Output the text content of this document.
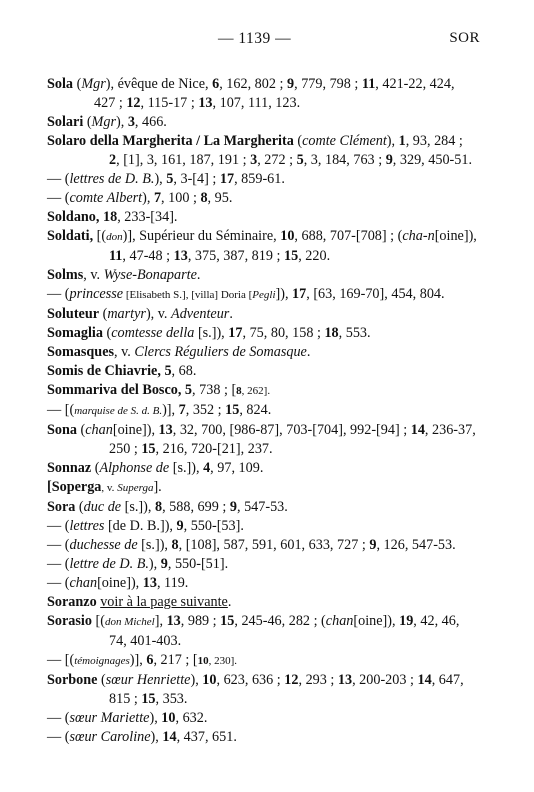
— 1139 —	SOR

Sola (Mgr), évêque de Nice, 6, 162, 802 ; 9, 779, 798 ; 11, 421-22, 424, 427 ; 12, 115-17 ; 13, 107, 111, 123.

Solari (Mgr), 3, 466.

Solaro della Margherita / La Margherita (comte Clément), 1, 93, 284 ; 2, [1], 3, 161, 187, 191 ; 3, 272 ; 5, 3, 184, 763 ; 9, 329, 450-51.

— (lettres de D. B.), 5, 3-[4] ; 17, 859-61.

— (comte Albert), 7, 100 ; 8, 95.

Soldano, 18, 233-[34].

Soldati, [(don)], Supérieur du Séminaire, 10, 688, 707-[708] ; (cha-n[oine]), 11, 47-48 ; 13, 375, 387, 819 ; 15, 220.

Solms, v. Wyse-Bonaparte.

— (princesse [Elisabeth S.], [villa] Doria [Pegli]), 17, [63, 169-70], 454, 804.

Soluteur (martyr), v. Adventeur.

Somaglia (comtesse della [s.]), 17, 75, 80, 158 ; 18, 553.

Somasques, v. Clercs Réguliers de Somasque.

Somis de Chiavrie, 5, 68.

Sommariva del Bosco, 5, 738 ; [8, 262].

— [(marquise de S. d. B.)], 7, 352 ; 15, 824.

Sona (chan[oine]), 13, 32, 700, [986-87], 703-[704], 992-[94] ; 14, 236-37, 250 ; 15, 216, 720-[21], 237.

Sonnaz (Alphonse de [s.]), 4, 97, 109.

[Soperga, v. Superga].

Sora (duc de [s.]), 8, 588, 699 ; 9, 547-53.

— (lettres [de D. B.]), 9, 550-[53].

— (duchesse de [s.]), 8, [108], 587, 591, 601, 633, 727 ; 9, 126, 547-53.

— (lettre de D. B.), 9, 550-[51].

— (chan[oine]), 13, 119.

Soranzo voir à la page suivante.

Sorasio [(don Michel], 13, 989 ; 15, 245-46, 282 ; (chan[oine]), 19, 42, 46, 74, 401-403.

— [(témoignages)], 6, 217 ; [10, 230].

Sorbone (sœur Henriette), 10, 623, 636 ; 12, 293 ; 13, 200-203 ; 14, 647, 815 ; 15, 353.

— (sœur Mariette), 10, 632.

— (sœur Caroline), 14, 437, 651.
